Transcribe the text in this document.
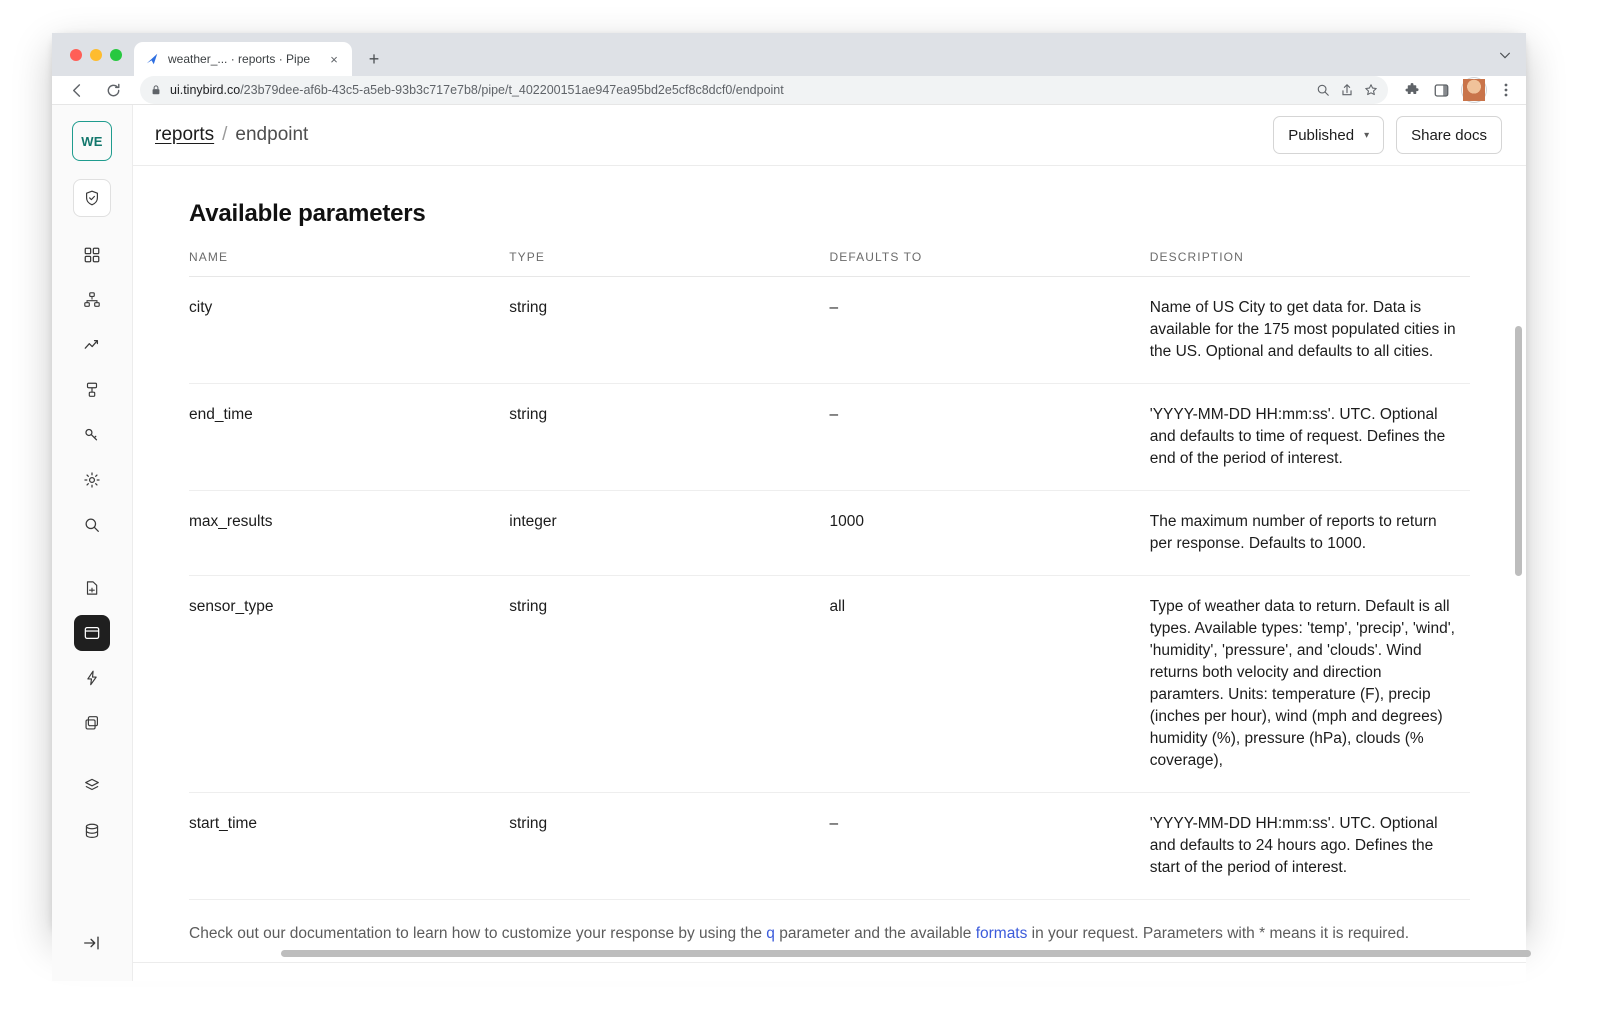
weather_... · reports · Pipe	×	+
ui.tinybird.co/23b79dee-af6b-43c5-a5eb-93b3c717e7b8/pipe/t_402200151ae947ea95bd2e5cf8c8dcf0/endpoint
WE	reports / endpoint	Published ▾	Share docs
Available parameters
NAME	TYPE	DEFAULTS TO	DESCRIPTION
city	string	–	Name of US City to get data for. Data is available for the 175 most populated cities in the US. Optional and defaults to all cities.
end_time	string	–	'YYYY-MM-DD HH:mm:ss'. UTC. Optional and defaults to time of request. Defines the end of the period of interest.
max_results	integer	1000	The maximum number of reports to return per response. Defaults to 1000.
sensor_type	string	all	Type of weather data to return. Default is all types. Available types: 'temp', 'precip', 'wind', 'humidity', 'pressure', and 'clouds'. Wind returns both velocity and direction paramters. Units: temperature (F), precip (inches per hour), wind (mph and degrees) humidity (%), pressure (hPa), clouds (% coverage),
start_time	string	–	'YYYY-MM-DD HH:mm:ss'. UTC. Optional and defaults to 24 hours ago. Defines the start of the period of interest.

Check out our documentation to learn how to customize your response by using the q parameter and the available formats in your request. Parameters with * means it is required.
